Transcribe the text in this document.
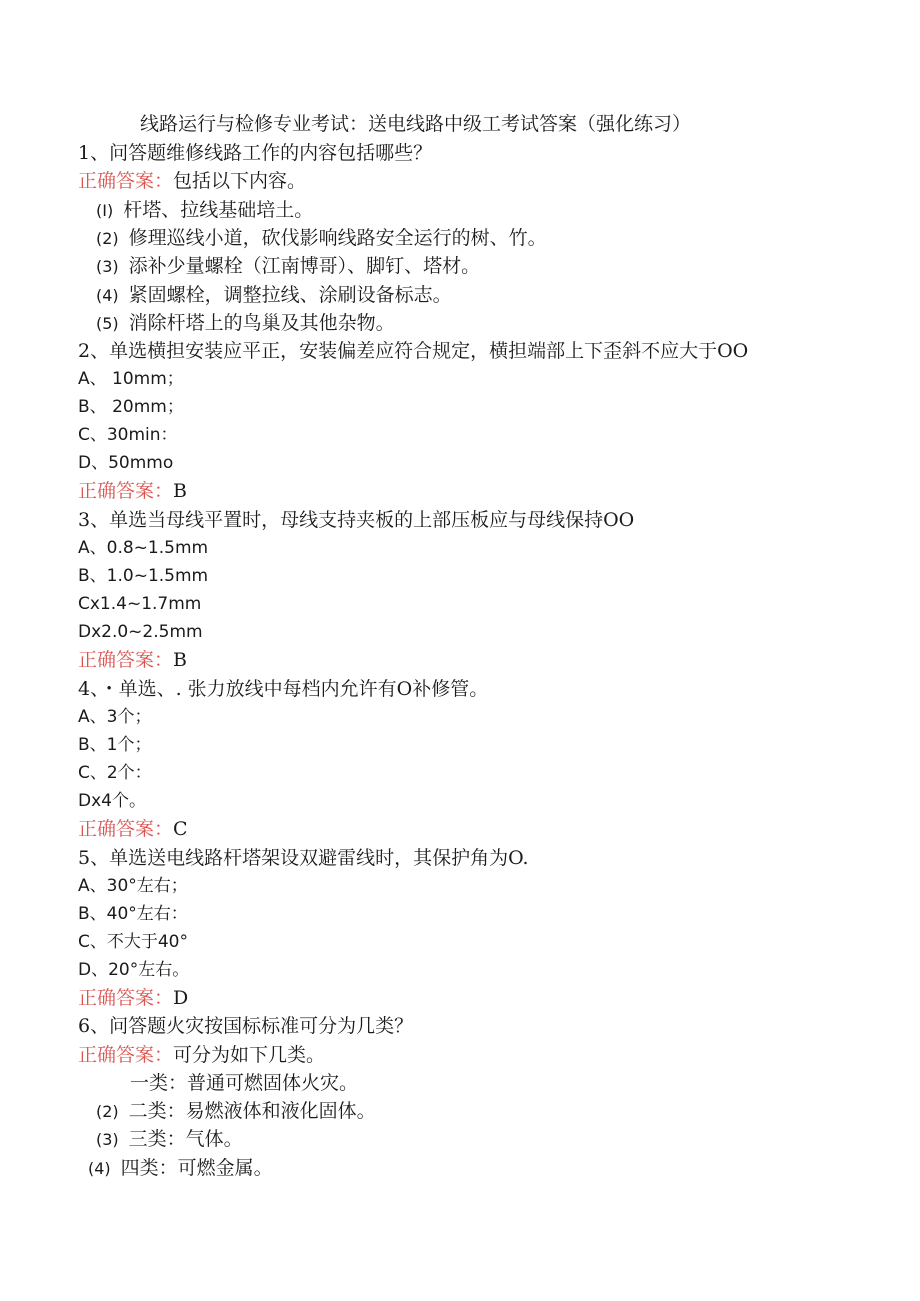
线路运行与检修专业考试：送电线路中级工考试答案（强化练习）
1、问答题维修线路工作的内容包括哪些？
正确答案：包括以下内容。
(I) 杆塔、拉线基础培土。
(2) 修理巡线小道，砍伐影响线路安全运行的树、竹。
(3) 添补少量螺栓（江南博哥）、脚钉、塔材。
(4) 紧固螺栓，调整拉线、涂刷设备标志。
(5) 消除杆塔上的鸟巢及其他杂物。
2、单选横担安装应平正，安装偏差应符合规定，横担端部上下歪斜不应大于OO
A、 10mm；
B、 20mm；
C、30min：
D、50mmo
正确答案：B
3、单选当母线平置时，母线支持夹板的上部压板应与母线保持OO
A、0.8~1.5mm
B、1.0~1.5mm
Cx1.4~1.7mm
Dx2.0~2.5mm
正确答案：B
4、・单选、. 张力放线中每档内允许有O补修管。
A、3个；
B、1个；
C、2个：
Dx4个。
正确答案：C
5、单选送电线路杆塔架设双避雷线时，其保护角为O.
A、30°左右；
B、40°左右：
C、不大于40°
D、20°左右。
正确答案：D
6、问答题火灾按国标标准可分为几类？
正确答案：可分为如下几类。
一类：普通可燃固体火灾。
(2) 二类：易燃液体和液化固体。
(3) 三类：气体。
(4) 四类：可燃金属。
